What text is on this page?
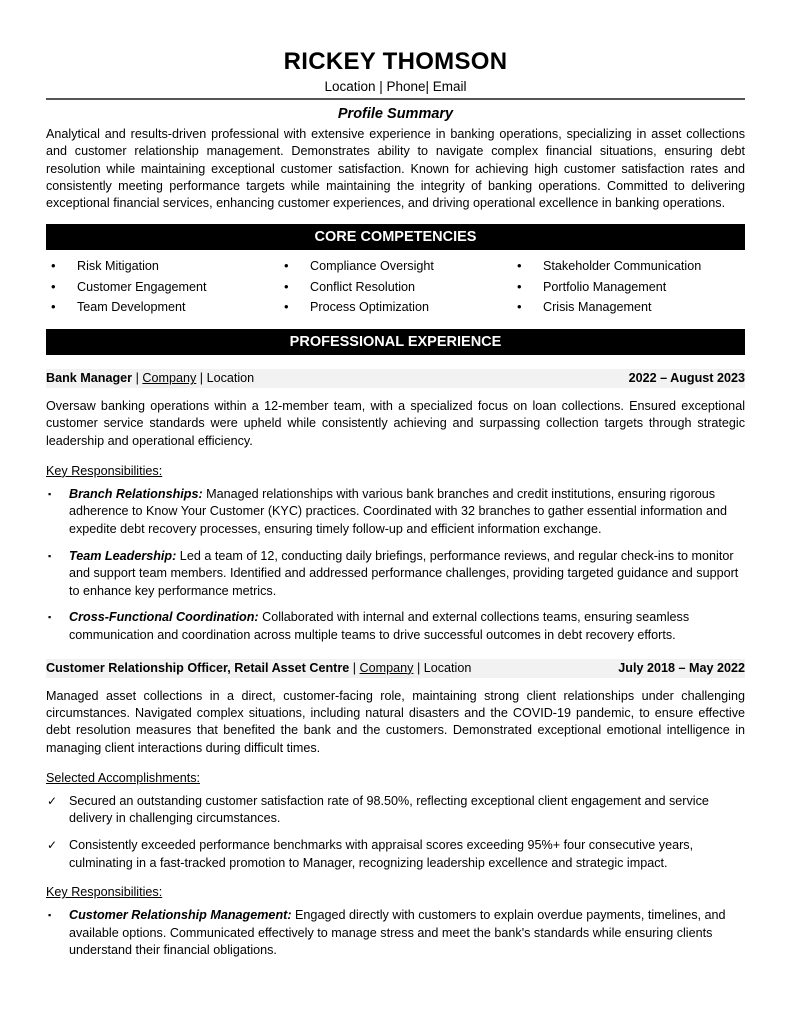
RICKEY THOMSON
Location | Phone| Email
Profile Summary

Analytical and results-driven professional with extensive experience in banking operations, specializing in asset collections and customer relationship management. Demonstrates ability to navigate complex financial situations, ensuring debt resolution while maintaining exceptional customer satisfaction. Known for achieving high customer satisfaction rates and consistently meeting performance targets while maintaining the integrity of banking operations. Committed to delivering exceptional financial services, enhancing customer experiences, and driving operational excellence in banking operations.

CORE COMPETENCIES
• Risk Mitigation
• Customer Engagement
• Team Development
• Compliance Oversight
• Conflict Resolution
• Process Optimization
• Stakeholder Communication
• Portfolio Management
• Crisis Management
PROFESSIONAL EXPERIENCE
Bank Manager | Company | Location	2022 – August 2023

Oversaw banking operations within a 12-member team, with a specialized focus on loan collections. Ensured exceptional customer service standards were upheld while consistently achieving and surpassing collection targets through strategic leadership and operational efficiency.

Key Responsibilities:
▪ Branch Relationships: Managed relationships with various bank branches and credit institutions, ensuring rigorous adherence to Know Your Customer (KYC) practices. Coordinated with 32 branches to gather essential information and expedite debt recovery processes, ensuring timely follow-up and efficient information exchange.
▪ Team Leadership: Led a team of 12, conducting daily briefings, performance reviews, and regular check-ins to monitor and support team members. Identified and addressed performance challenges, providing targeted guidance and support to enhance key performance metrics.
▪ Cross-Functional Coordination: Collaborated with internal and external collections teams, ensuring seamless communication and coordination across multiple teams to drive successful outcomes in debt recovery efforts.
Customer Relationship Officer, Retail Asset Centre | Company | Location	July 2018 – May 2022

Managed asset collections in a direct, customer-facing role, maintaining strong client relationships under challenging circumstances. Navigated complex situations, including natural disasters and the COVID-19 pandemic, to ensure effective debt resolution measures that benefited the bank and the customers. Demonstrated exceptional emotional intelligence in managing client interactions during difficult times.

Selected Accomplishments:
✓ Secured an outstanding customer satisfaction rate of 98.50%, reflecting exceptional client engagement and service delivery in challenging circumstances.
✓ Consistently exceeded performance benchmarks with appraisal scores exceeding 95%+ four consecutive years, culminating in a fast-tracked promotion to Manager, recognizing leadership excellence and strategic impact.
Key Responsibilities:
▪ Customer Relationship Management: Engaged directly with customers to explain overdue payments, timelines, and available options. Communicated effectively to manage stress and meet the bank's standards while ensuring clients understand their financial obligations.
